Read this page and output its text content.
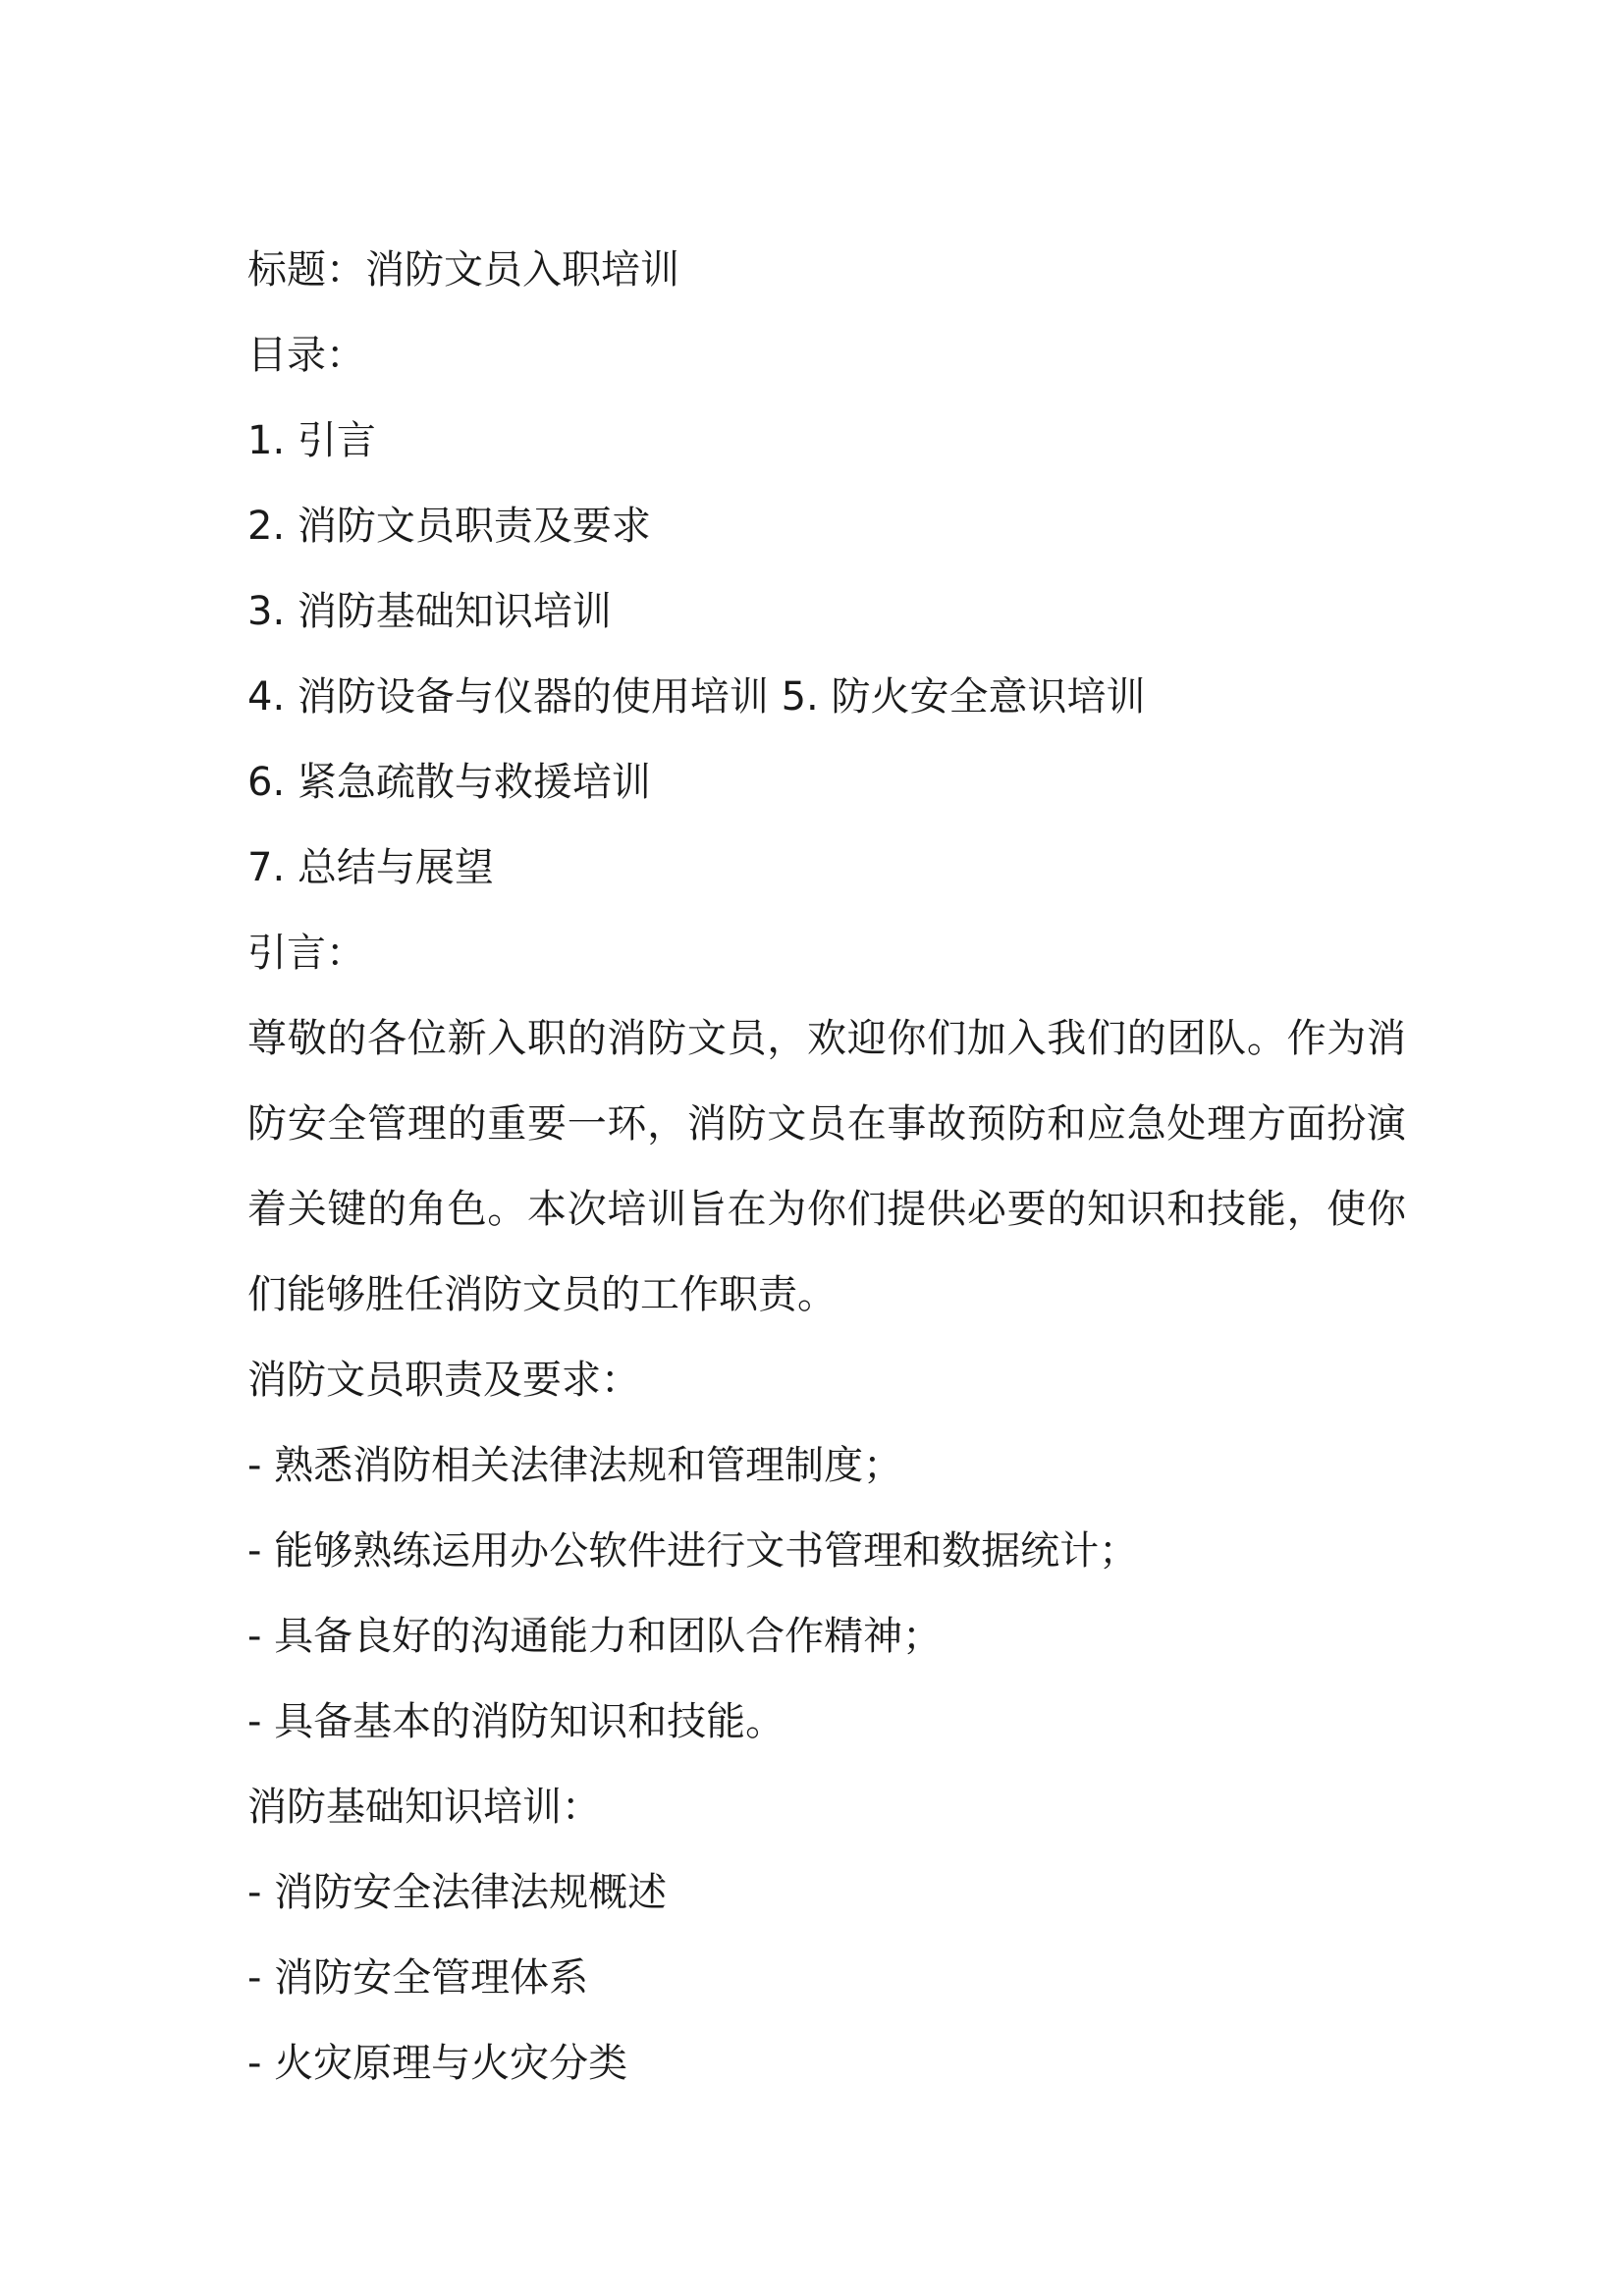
标题：消防文员入职培训

目录：

1. 引言

2. 消防文员职责及要求

3. 消防基础知识培训

4. 消防设备与仪器的使用培训 5. 防火安全意识培训

6. 紧急疏散与救援培训

7. 总结与展望

引言：

尊敬的各位新入职的消防文员，欢迎你们加入我们的团队。作为消防安全管理的重要一环，消防文员在事故预防和应急处理方面扮演着关键的角色。本次培训旨在为你们提供必要的知识和技能，使你们能够胜任消防文员的工作职责。

消防文员职责及要求：

- 熟悉消防相关法律法规和管理制度；

- 能够熟练运用办公软件进行文书管理和数据统计；

- 具备良好的沟通能力和团队合作精神；

- 具备基本的消防知识和技能。

消防基础知识培训：

- 消防安全法律法规概述

- 消防安全管理体系

- 火灾原理与火灾分类
